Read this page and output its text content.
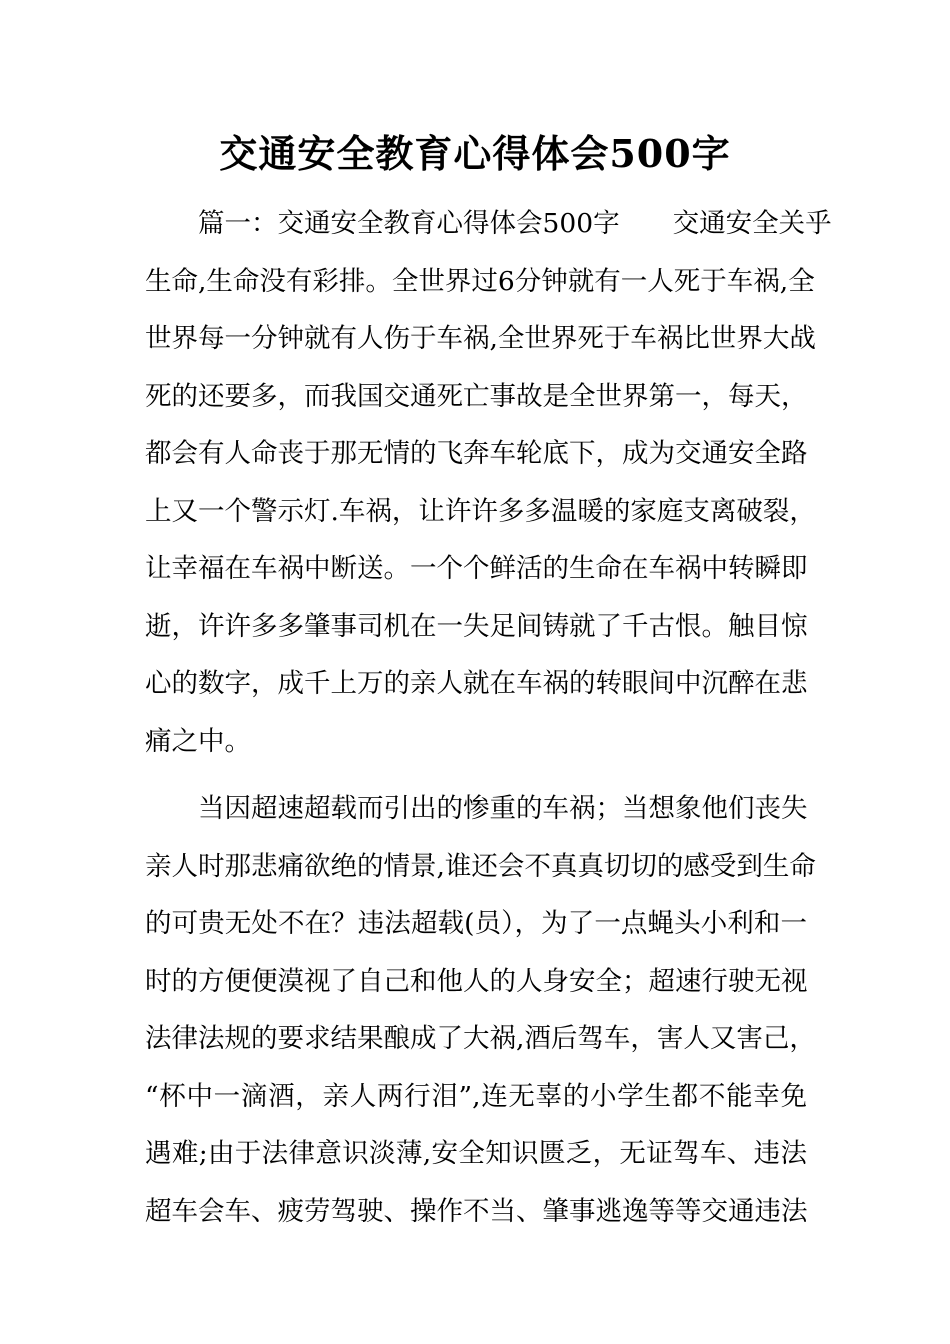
交通安全教育心得体会500字
篇一：交通安全教育心得体会500字　　交通安全关乎
生命,生命没有彩排。全世界过6分钟就有一人死于车祸,全
世界每一分钟就有人伤于车祸,全世界死于车祸比世界大战
死的还要多，而我国交通死亡事故是全世界第一，每天，
都会有人命丧于那无情的飞奔车轮底下，成为交通安全路
上又一个警示灯.车祸，让许许多多温暖的家庭支离破裂，
让幸福在车祸中断送。一个个鲜活的生命在车祸中转瞬即
逝，许许多多肇事司机在一失足间铸就了千古恨。触目惊
心的数字，成千上万的亲人就在车祸的转眼间中沉醉在悲
痛之中。
当因超速超载而引出的惨重的车祸；当想象他们丧失
亲人时那悲痛欲绝的情景,谁还会不真真切切的感受到生命
的可贵无处不在？违法超载(员），为了一点蝇头小利和一
时的方便便漠视了自己和他人的人身安全；超速行驶无视
法律法规的要求结果酿成了大祸,酒后驾车，害人又害己，
“杯中一滴酒，亲人两行泪”,连无辜的小学生都不能幸免
遇难;由于法律意识淡薄,安全知识匮乏，无证驾车、违法
超车会车、疲劳驾驶、操作不当、肇事逃逸等等交通违法
